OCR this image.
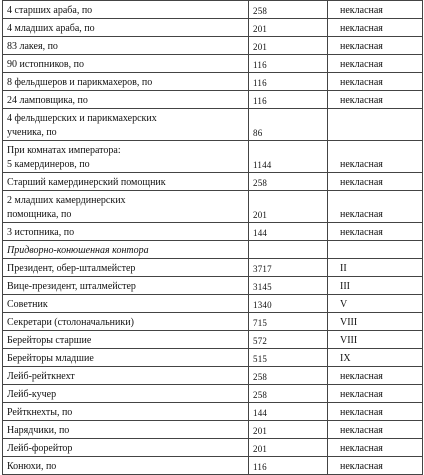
4 старших араба, по	258	некласная
4 младших араба, по	201	некласная
83 лакея, по	201	некласная
90 истопников, по	116	некласная
8 фельдшеров и парикмахеров, по	116	некласная
24 ламповщика, по	116	некласная

4 фельдшерских и парикмахерских
ученика, по	86	

При комнатах императора:
5 камердинеров, по	1144	некласная
Старший камердинерский помощник	258	некласная

2 младших камердинерских
помощника, по	201	некласная
3 истопника, по	144	некласная
Придворно-конюшенная контора		
Президент, обер-шталмейстер	3717	II
Вице-президент, шталмейстер	3145	III
Советник	1340	V
Секретари (столоначальники)	715	VIII
Берейторы старшие	572	VIII
Берейторы младшие	515	IX
Лейб-рейткнехт	258	некласная
Лейб-кучер	258	некласная
Рейткнехты, по	144	некласная
Нарядчики, по	201	некласная
Лейб-форейтор	201	некласная
Конюхи, по	116	некласная
